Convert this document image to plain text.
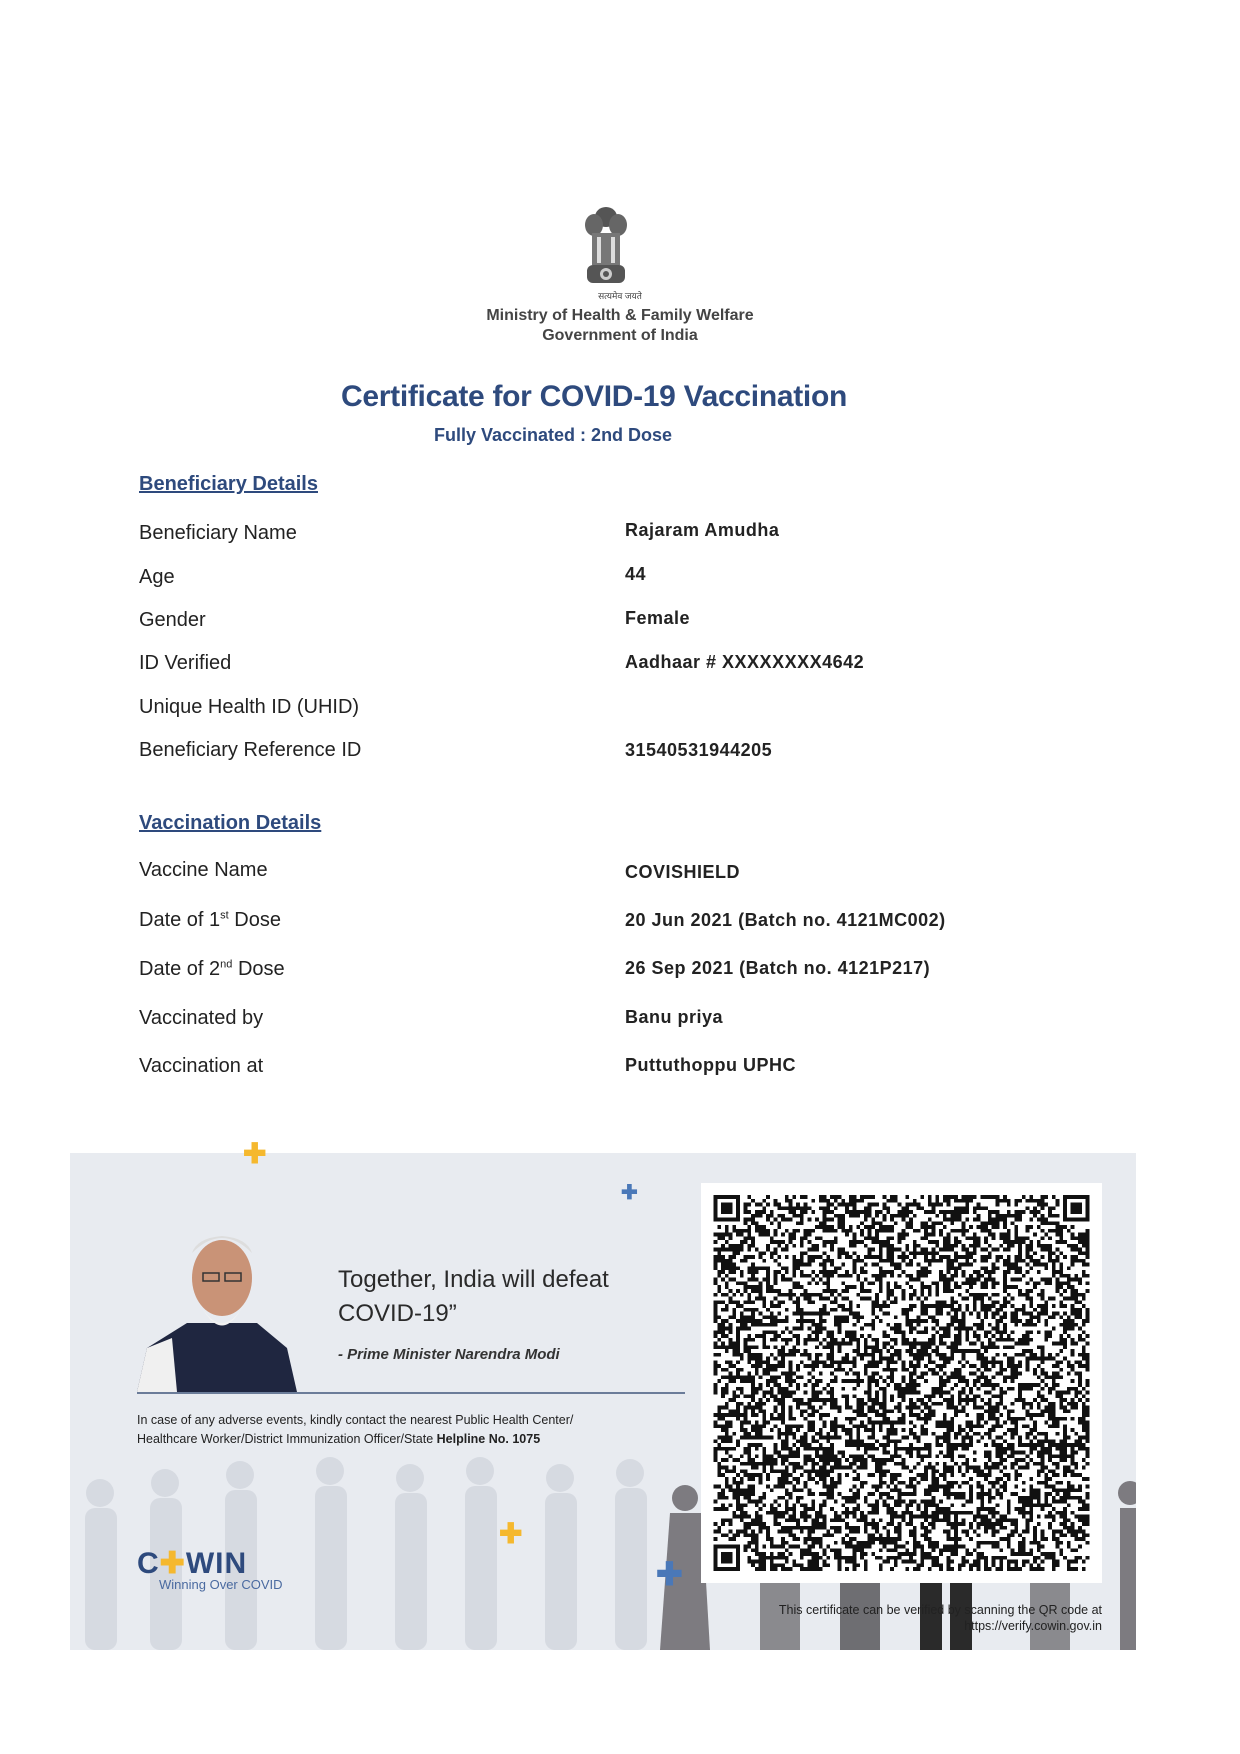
सत्यमेव जयते
Ministry of Health & Family Welfare
Government of India
Certificate for COVID-19 Vaccination
Fully Vaccinated : 2nd Dose
Beneficiary Details
Beneficiary Name	Rajaram Amudha
Age	44
Gender	Female
ID Verified	Aadhaar # XXXXXXXX4642
Unique Health ID (UHID)
Beneficiary Reference ID	31540531944205
Vaccination Details
Vaccine Name	COVISHIELD
Date of 1st Dose	20 Jun 2021 (Batch no. 4121MC002)
Date of 2nd Dose	26 Sep 2021 (Batch no. 4121P217)
Vaccinated by	Banu priya
Vaccination at	Puttuthoppu UPHC
✚
Together, India will defeat
COVID-19”
- Prime Minister Narendra Modi
In case of any adverse events, kindly contact the nearest Public Health Center/
Healthcare Worker/District Immunization Officer/State Helpline No. 1075
✚
✚
✚
C✚WIN
Winning Over COVID
This certificate can be verified by scanning the QR code at
https://verify.cowin.gov.in
